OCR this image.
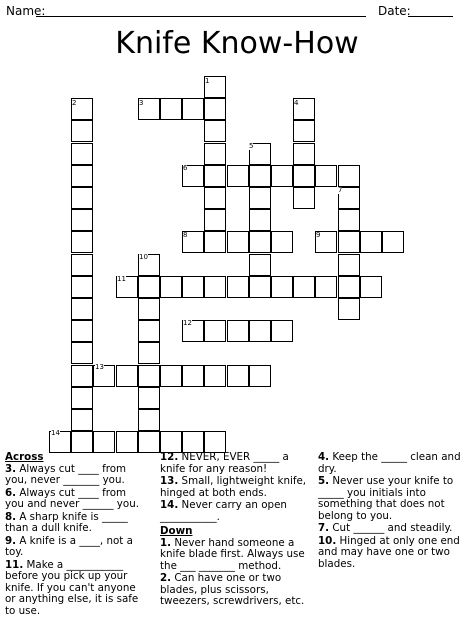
Name:	Date:
Knife Know-How
1
2	3	4
5
6
7
8	9
10
11
12
13
14
Across
3. Always cut ____ from you, never _______ you.
6. Always cut ____ from you and never ______ you.
8. A sharp knife is _____ than a dull knife.
9. A knife is a ____, not a toy.
11. Make a ___________ before you pick up your knife. If you can't anyone or anything else, it is safe to use.
12. NEVER, EVER _____ a knife for any reason!
13. Small, lightweight knife, hinged at both ends.
14. Never carry an open ___________.
Down
1. Never hand someone a knife blade first. Always use the ___ _______ method.
2. Can have one or two blades, plus scissors, tweezers, screwdrivers, etc.
4. Keep the _____ clean and dry.
5. Never use your knife to _____ you initials into something that does not belong to you.
7. Cut ______ and steadily.
10. Hinged at only one end and may have one or two blades.
